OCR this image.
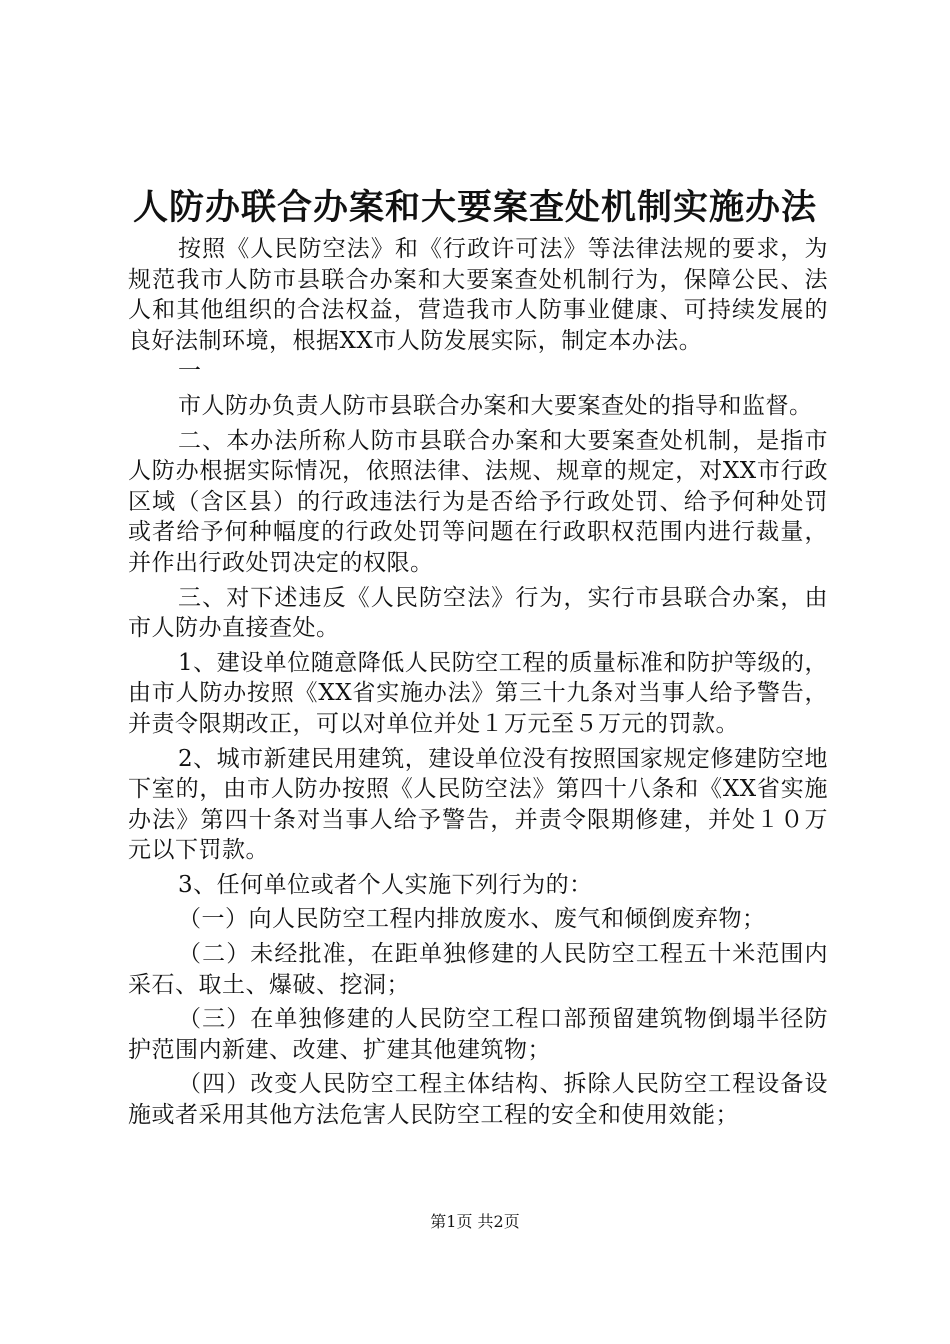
人防办联合办案和大要案查处机制实施办法

按照《人民防空法》和《行政许可法》等法律法规的要求，为规范我市人防市县联合办案和大要案查处机制行为，保障公民、法人和其他组织的合法权益，营造我市人防事业健康、可持续发展的良好法制环境，根据XX市人防发展实际，制定本办法。

一

市人防办负责人防市县联合办案和大要案查处的指导和监督。

二、本办法所称人防市县联合办案和大要案查处机制，是指市人防办根据实际情况，依照法律、法规、规章的规定，对XX市行政区域（含区县）的行政违法行为是否给予行政处罚、给予何种处罚或者给予何种幅度的行政处罚等问题在行政职权范围内进行裁量，并作出行政处罚决定的权限。

三、对下述违反《人民防空法》行为，实行市县联合办案，由市人防办直接查处。

1、建设单位随意降低人民防空工程的质量标准和防护等级的，由市人防办按照《XX省实施办法》第三十九条对当事人给予警告，并责令限期改正，可以对单位并处１万元至５万元的罚款。

2、城市新建民用建筑，建设单位没有按照国家规定修建防空地下室的，由市人防办按照《人民防空法》第四十八条和《XX省实施办法》第四十条对当事人给予警告，并责令限期修建，并处１０万元以下罚款。

3、任何单位或者个人实施下列行为的：

（一）向人民防空工程内排放废水、废气和倾倒废弃物；

（二）未经批准，在距单独修建的人民防空工程五十米范围内采石、取土、爆破、挖洞；

（三）在单独修建的人民防空工程口部预留建筑物倒塌半径防护范围内新建、改建、扩建其他建筑物；

（四）改变人民防空工程主体结构、拆除人民防空工程设备设施或者采用其他方法危害人民防空工程的安全和使用效能；

第1页 共2页
